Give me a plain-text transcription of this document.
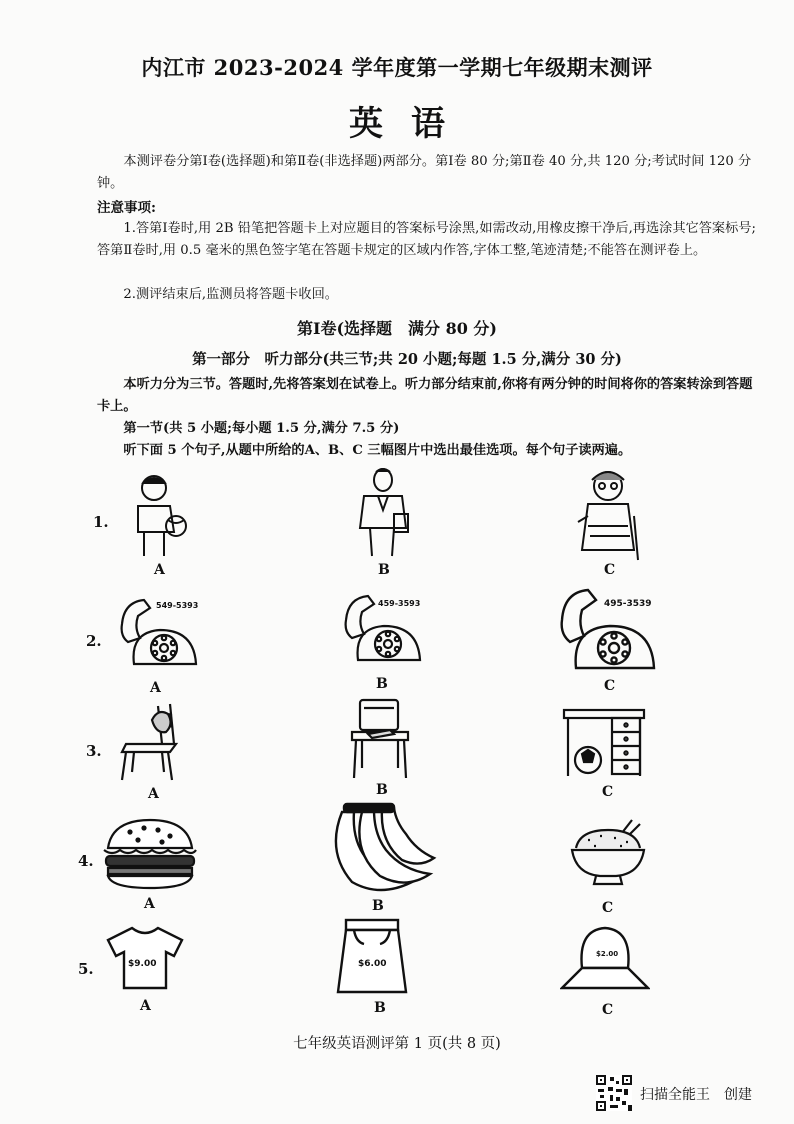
内江市 2023-2024 学年度第一学期七年级期末测评
英语
本测评卷分第Ⅰ卷(选择题)和第Ⅱ卷(非选择题)两部分。第Ⅰ卷 80 分;第Ⅱ卷 40 分,共 120 分;考试时间 120 分钟。
注意事项:
1.答第Ⅰ卷时,用 2B 铅笔把答题卡上对应题目的答案标号涂黑,如需改动,用橡皮擦干净后,再选涂其它答案标号;答第Ⅱ卷时,用 0.5 毫米的黑色签字笔在答题卡规定的区域内作答,字体工整,笔迹清楚;不能答在测评卷上。
2.测评结束后,监测员将答题卡收回。
第Ⅰ卷(选择题　满分 80 分)
第一部分　听力部分(共三节;共 20 小题;每题 1.5 分,满分 30 分)
本听力分为三节。答题时,先将答案划在试卷上。听力部分结束前,你将有两分钟的时间将你的答案转涂到答题卡上。
第一节(共 5 小题;每小题 1.5 分,满分 7.5 分)
听下面 5 个句子,从题中所给的A、B、C 三幅图片中选出最佳选项。每个句子读两遍。
1.
A	B	C
2.
549-5393
A
459-3593
B
495-3539
C
3.
A	B	C
4.
A	B	C
5.	$9.00
A
$6.00
B
$2.00
C
七年级英语测评第 1 页(共 8 页)
扫描全能王　创建
